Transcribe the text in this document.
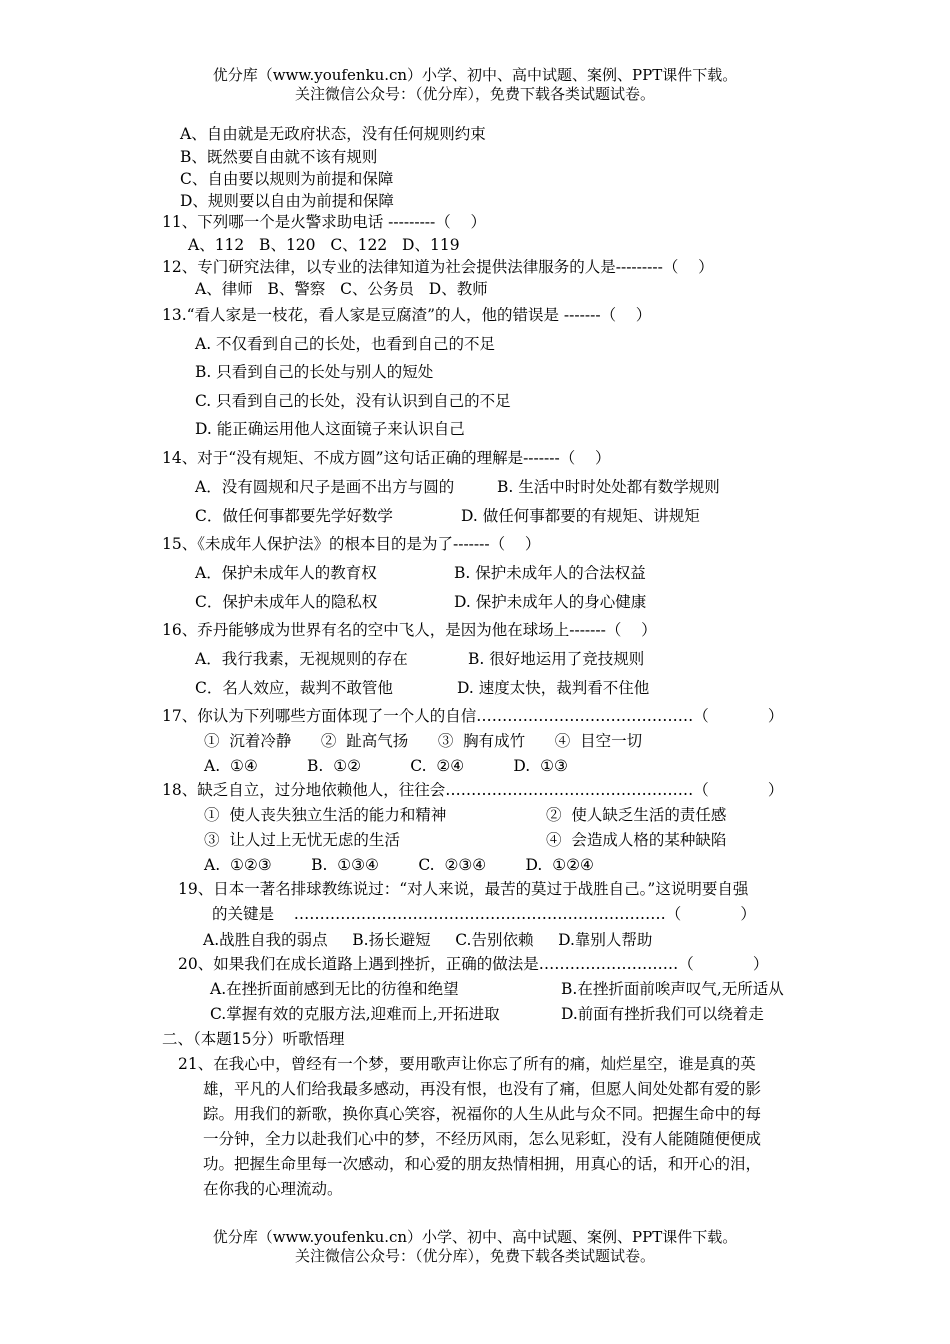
优分库（www.youfenku.cn）小学、初中、高中试题、案例、PPT课件下载。
关注微信公众号：（优分库），免费下载各类试题试卷。
A、自由就是无政府状态，没有任何规则约束
B、既然要自由就不该有规则
C、自由要以规则为前提和保障
D、规则要以自由为前提和保障
11、下列哪一个是火警求助电话 ---------（    ）
A、112   B、120   C、122   D、119
12、专门研究法律，以专业的法律知道为社会提供法律服务的人是---------（    ）
A、律师   B、警察   C、公务员   D、教师
13.“看人家是一枝花，看人家是豆腐渣”的人，他的错误是 -------（    ）
A. 不仅看到自己的长处，也看到自己的不足
B. 只看到自己的长处与别人的短处
C. 只看到自己的长处，没有认识到自己的不足
D. 能正确运用他人这面镜子来认识自己
14、对于“没有规矩、不成方圆”这句话正确的理解是-------（    ）
A．没有圆规和尺子是画不出方与圆的	B. 生活中时时处处都有数学规则
C．做任何事都要先学好数学	D. 做任何事都要的有规矩、讲规矩
15、《未成年人保护法》的根本目的是为了-------（    ）
A．保护未成年人的教育权	B. 保护未成年人的合法权益
C．保护未成年人的隐私权	D. 保护未成年人的身心健康
16、乔丹能够成为世界有名的空中飞人，是因为他在球场上-------（    ）
A．我行我素，无视规则的存在	B. 很好地运用了竞技规则
C．名人效应，裁判不敢管他	D. 速度太快，裁判看不住他
17、你认为下列哪些方面体现了一个人的自信……………………………………（            ）
①  沉着冷静      ②  趾高气扬      ③  胸有成竹      ④  目空一切
A.  ①④          B.  ①②          C.  ②④          D.  ①③
18、缺乏自立，过分地依赖他人，往往会…………………………………………（            ）
①  使人丧失独立生活的能力和精神	②  使人缺乏生活的责任感
③  让人过上无忧无虑的生活	④  会造成人格的某种缺陷
A.  ①②③        B.  ①③④        C.  ②③④        D.  ①②④
19、日本一著名排球教练说过：“对人来说，最苦的莫过于战胜自己。”这说明要自强
的关键是    ………………………………………………………………（            ）
A.战胜自我的弱点     B.扬长避短     C.告别依赖     D.靠别人帮助
20、如果我们在成长道路上遇到挫折，正确的做法是………………………（            ）
A.在挫折面前感到无比的彷徨和绝望	B.在挫折面前唉声叹气,无所适从
C.掌握有效的克服方法,迎难而上,开拓进取	D.前面有挫折我们可以绕着走
二、（本题15分）听歌悟理
21、在我心中，曾经有一个梦，要用歌声让你忘了所有的痛，灿烂星空，谁是真的英
雄，平凡的人们给我最多感动，再没有恨，也没有了痛，但愿人间处处都有爱的影
踪。用我们的新歌，换你真心笑容，祝福你的人生从此与众不同。把握生命中的每
一分钟，全力以赴我们心中的梦，不经历风雨，怎么见彩虹，没有人能随随便便成
功。把握生命里每一次感动，和心爱的朋友热情相拥，用真心的话，和开心的泪，
在你我的心理流动。
优分库（www.youfenku.cn）小学、初中、高中试题、案例、PPT课件下载。
关注微信公众号：（优分库），免费下载各类试题试卷。
